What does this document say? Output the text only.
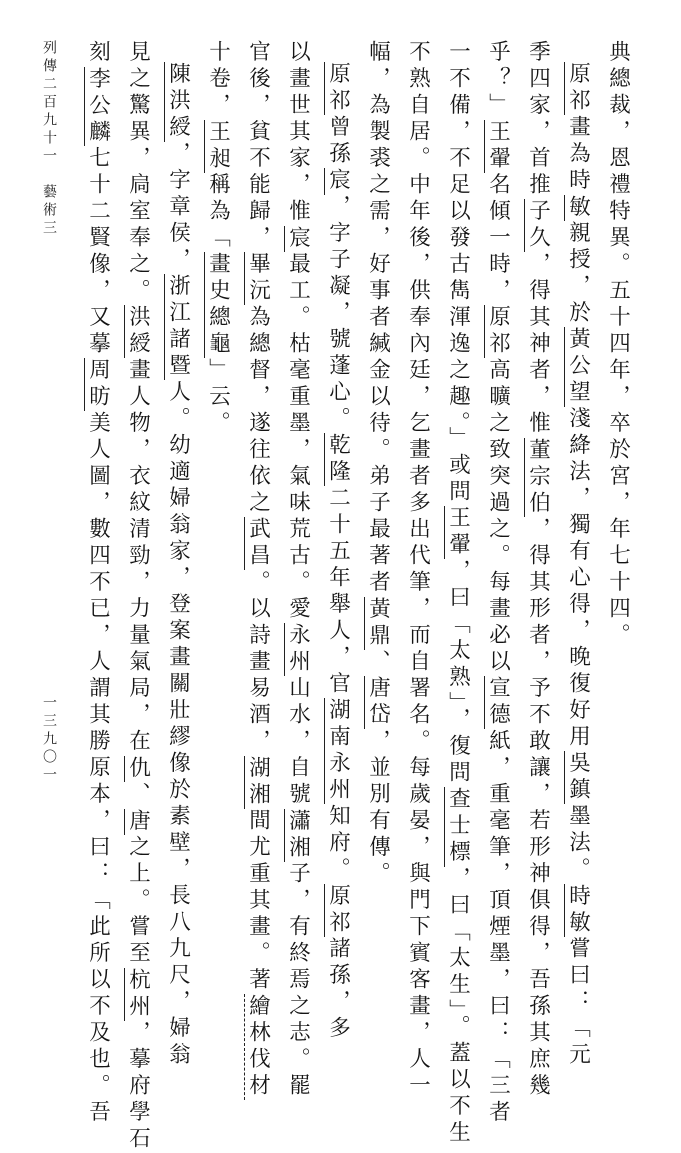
典總裁，恩禮特異。五十四年，卒於宮，年七十四。
原祁畫為時敏親授，於黃公望淺絳法，獨有心得，晚復好用吳鎮墨法。時敏嘗曰：「元
季四家，首推子久，得其神者，惟董宗伯，得其形者，予不敢讓，若形神俱得，吾孫其庶幾
乎？」王翬名傾一時，原祁高曠之致突過之。每畫必以宣德紙，重毫筆，頂煙墨，曰：「三者
一不備，不足以發古雋渾逸之趣。」或問王翬，曰「太熟」，復問查士標，曰「太生」。蓋以不生
不熟自居。中年後，供奉內廷，乞畫者多出代筆，而自署名。每歲晏，與門下賓客畫，人一
幅，為製裘之需，好事者緘金以待。弟子最著者黃鼎、唐岱，並別有傳。
原祁曾孫宸，字子凝，號蓬心。乾隆二十五年舉人，官湖南永州知府。原祁諸孫，多
以畫世其家，惟宸最工。枯毫重墨，氣味荒古。愛永州山水，自號瀟湘子，有終焉之志。罷
官後，貧不能歸，畢沅為總督，遂往依之武昌。以詩畫易酒，湖湘間尤重其畫。著繪林伐材
十卷，王昶稱為「畫史總龜」云。
陳洪綬，字章侯，浙江諸暨人。幼適婦翁家，登案畫關壯繆像於素壁，長八九尺，婦翁
見之驚異，扃室奉之。洪綬畫人物，衣紋清勁，力量氣局，在仇、唐之上。嘗至杭州，摹府學石
刻李公麟七十二賢像，又摹周昉美人圖，數四不已，人謂其勝原本，曰：「此所以不及也。吾
列傳二百九十一　藝術三
一三九〇一
